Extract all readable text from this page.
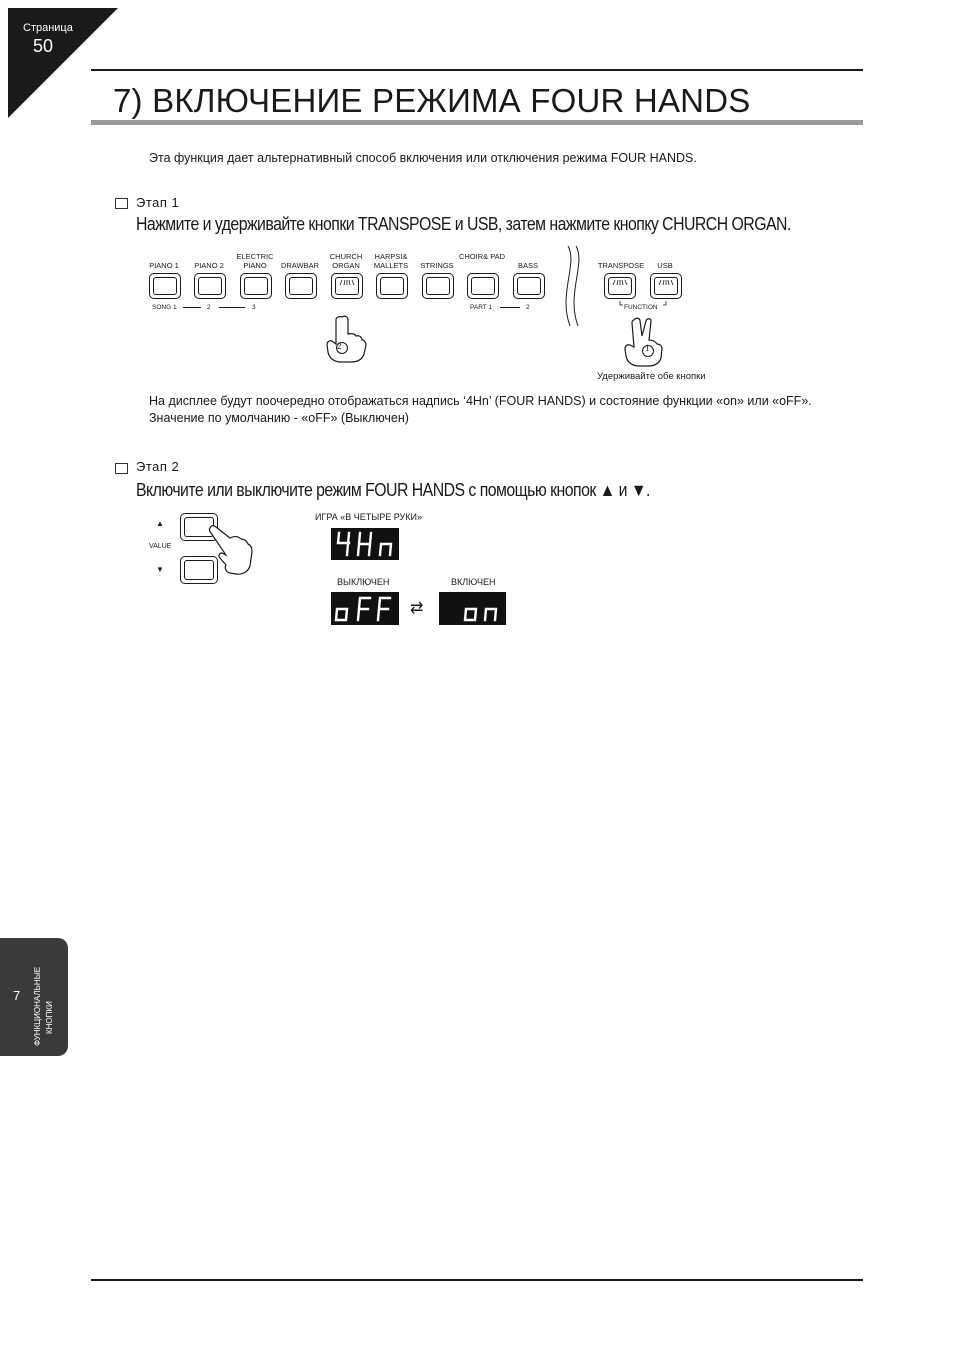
Страница
50
7) ВКЛЮЧЕНИЕ РЕЖИМА FOUR HANDS
Эта функция дает альтернативный способ включения или отключения режима FOUR HANDS.
Этап 1
Нажмите и удерживайте кнопки TRANSPOSE и USB, затем нажмите кнопку CHURCH ORGAN.
PIANO 1	PIANO 2
ELECTRIC PIANO	DRAWBAR
CHURCH ORGAN
HARPSI& MALLETS	STRINGS
CHOIR& PAD
BASS
SONG 1	2	3	PART 1	2
TRANSPOSE	USB
FUNCTION
2	1
Удерживайте обе кнопки
На дисплее будут поочередно отображаться надпись ‘4Hn’ (FOUR HANDS) и состояние функции «on» или «oFF».
Значение по умолчанию - «oFF» (Выключен)
Этап 2
Включите или выключите режим FOUR HANDS с помощью кнопок ▲ и ▼.
▲
VALUE
▼
ИГРА «В ЧЕТЫРЕ РУКИ»
ВЫКЛЮЧЕН
⇄
ВКЛЮЧЕН
7 ФУНКЦИОНАЛЬНЫЕ КНОПКИ
